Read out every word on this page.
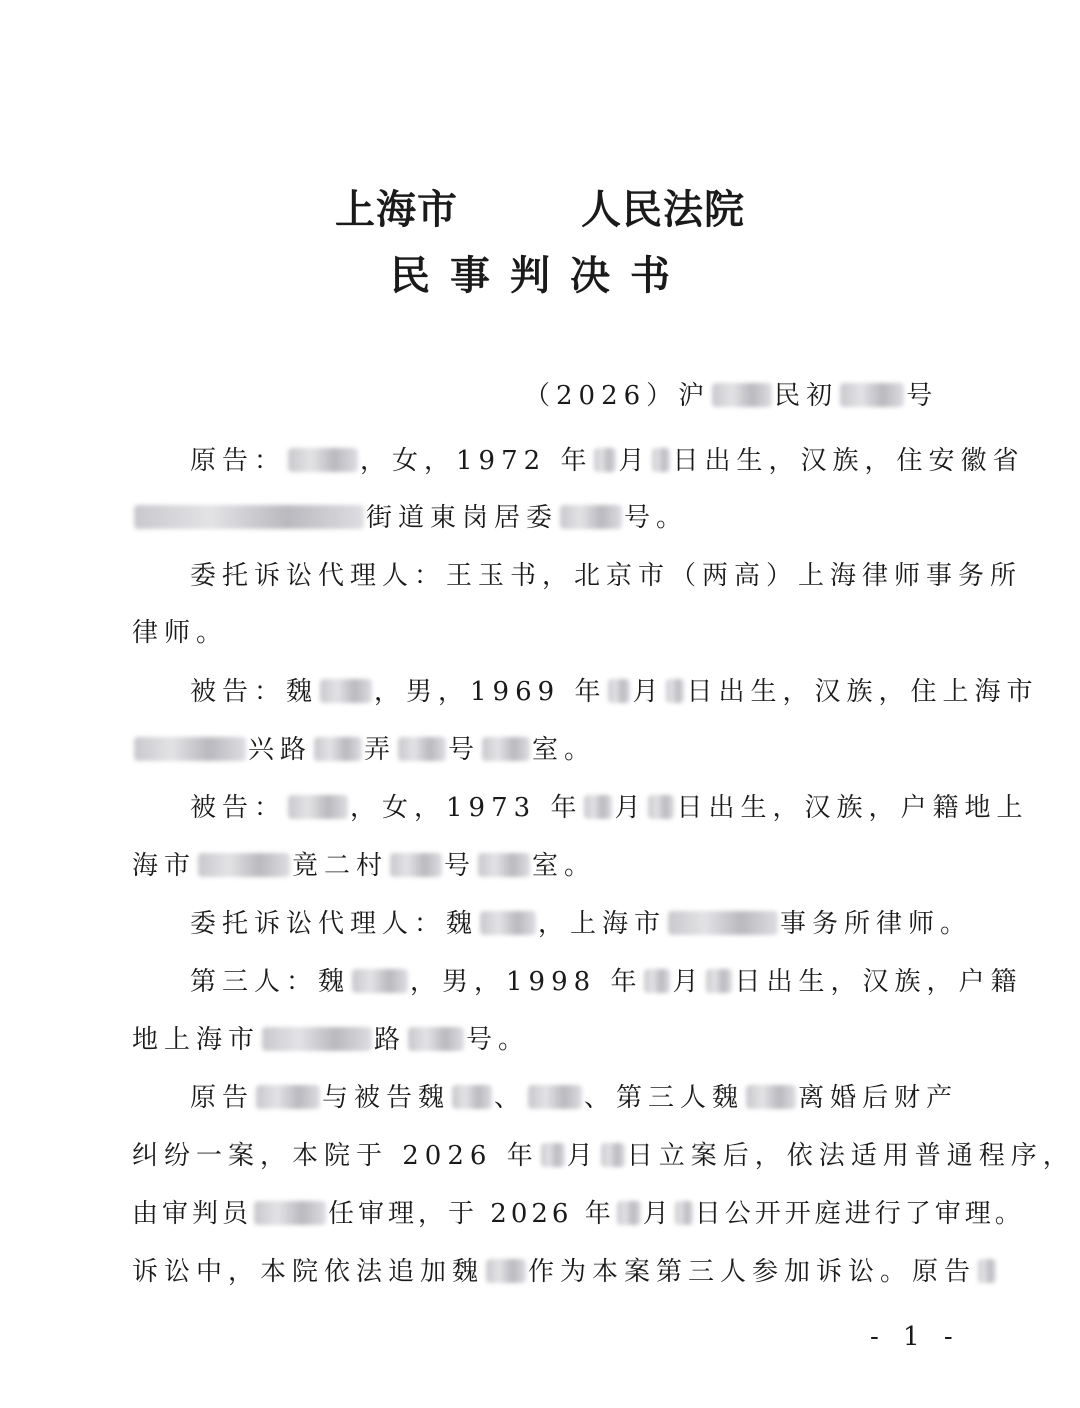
上海市　　　人民法院
民事判决书
（2026）沪 民初	号
原告：	，女，1972 年 月 日出生，汉族，住安徽省
街道東岗居委	号。
委托诉讼代理人：王玉书，北京市（两高）上海律师事务所
律师。
被告：魏 ，男，1969 年 月 日出生，汉族，住上海市
兴路 弄 号 室。
被告： ，女，1973 年 月 日出生，汉族，户籍地上
海市	竟二村 号 室。
委托诉讼代理人：魏 ，上海市	事务所律师。
第三人：魏 ，男，1998 年 月 日出生，汉族，户籍
地上海市	路 号。
原告	与被告魏 、 、第三人魏 离婚后财产
纠纷一案，本院于 2026 年 月 日立案后，依法适用普通程序，
由审判员	任审理，于 2026 年 月 日公开开庭进行了审理。
诉讼中，本院依法追加魏 作为本案第三人参加诉讼。原告
- 1 -
